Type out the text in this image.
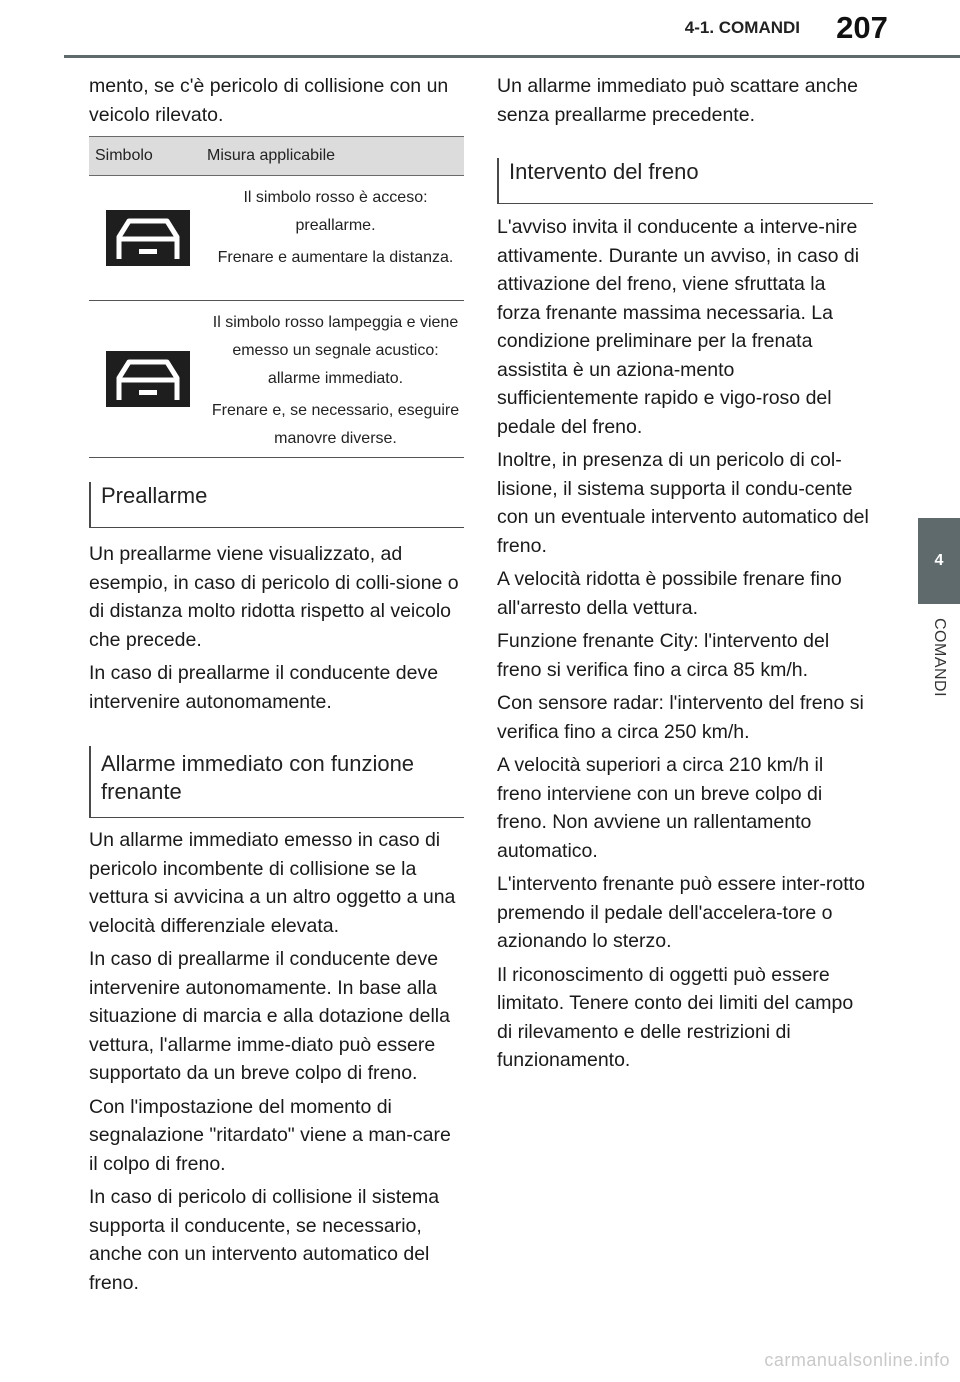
4-1. COMANDI	207
4
COMANDI

mento, se c'è pericolo di collisione con un veicolo rilevato.

Simbolo	Misura applicabile

Il simbolo rosso è acceso: preallarme.

Frenare e aumentare la distanza.

Il simbolo rosso lampeggia e viene emesso un segnale acustico: allarme immediato.

Frenare e, se necessario, eseguire manovre diverse.

Preallarme

Un preallarme viene visualizzato, ad esempio, in caso di pericolo di colli-sione o di distanza molto ridotta rispetto al veicolo che precede.

In caso di preallarme il conducente deve intervenire autonomamente.

Allarme immediato con funzione frenante

Un allarme immediato emesso in caso di pericolo incombente di collisione se la vettura si avvicina a un altro oggetto a una velocità differenziale elevata.

In caso di preallarme il conducente deve intervenire autonomamente. In base alla situazione di marcia e alla dotazione della vettura, l'allarme imme-diato può essere supportato da un breve colpo di freno.

Con l'impostazione del momento di segnalazione "ritardato" viene a man-care il colpo di freno.

In caso di pericolo di collisione il sistema supporta il conducente, se necessario, anche con un intervento automatico del freno.

Un allarme immediato può scattare anche senza preallarme precedente.

Intervento del freno

L'avviso invita il conducente a interve-nire attivamente. Durante un avviso, in caso di attivazione del freno, viene sfruttata la forza frenante massima necessaria. La condizione preliminare per la frenata assistita è un aziona-mento sufficientemente rapido e vigo-roso del pedale del freno.

Inoltre, in presenza di un pericolo di col-lisione, il sistema supporta il condu-cente con un eventuale intervento automatico del freno.

A velocità ridotta è possibile frenare fino all'arresto della vettura.

Funzione frenante City: l'intervento del freno si verifica fino a circa 85 km/h.

Con sensore radar: l'intervento del freno si verifica fino a circa 250 km/h.

A velocità superiori a circa 210 km/h il freno interviene con un breve colpo di freno. Non avviene un rallentamento automatico.

L'intervento frenante può essere inter-rotto premendo il pedale dell'accelera-tore o azionando lo sterzo.

Il riconoscimento di oggetti può essere limitato. Tenere conto dei limiti del campo di rilevamento e delle restrizioni di funzionamento.

carmanualsonline.info
